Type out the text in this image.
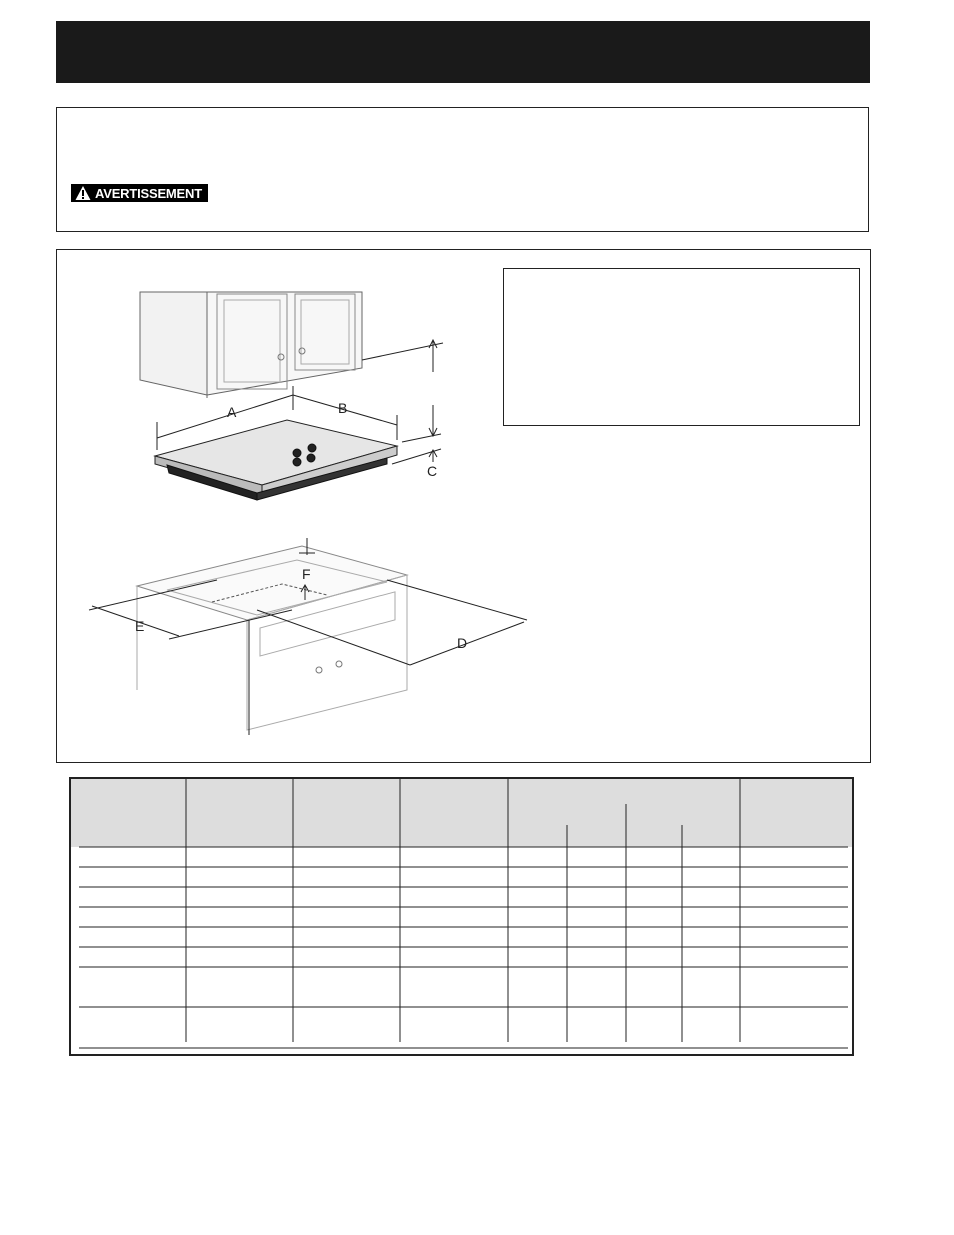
AVERTISSEMENT
A	B
C
D
E
F
